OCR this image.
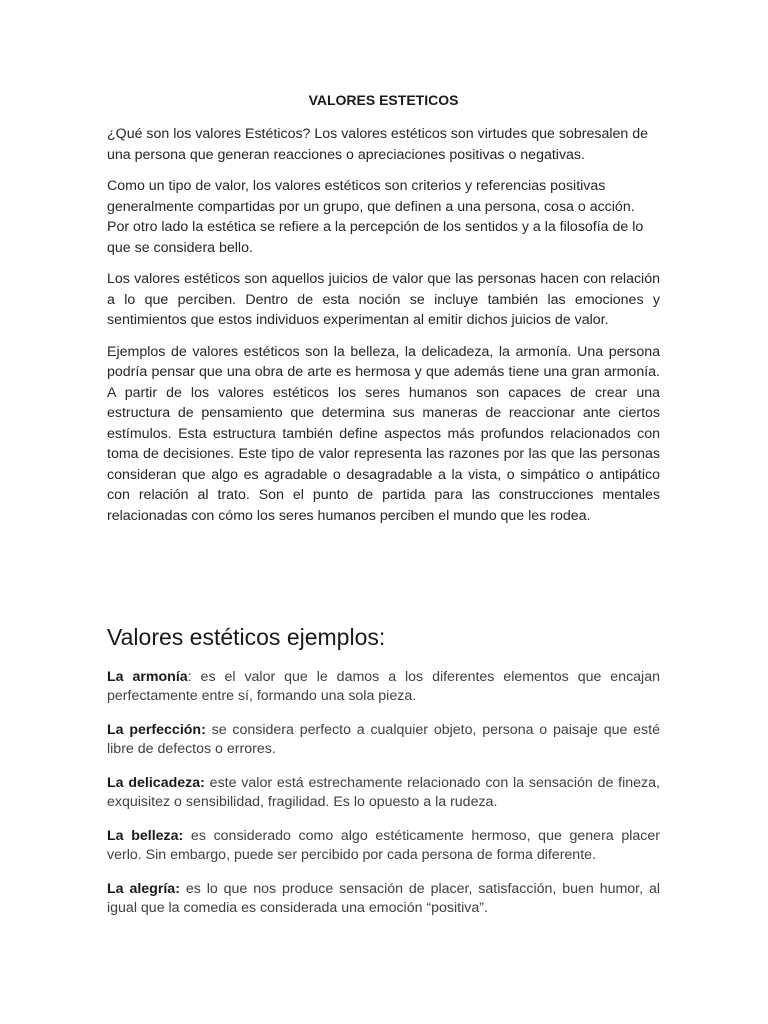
VALORES ESTETICOS

¿Qué son los valores Estéticos? Los valores estéticos son virtudes que sobresalen de una persona que generan reacciones o apreciaciones positivas o negativas.

Como un tipo de valor, los valores estéticos son criterios y referencias positivas generalmente compartidas por un grupo, que definen a una persona, cosa o acción. Por otro lado la estética se refiere a la percepción de los sentidos y a la filosofía de lo que se considera bello.

Los valores estéticos son aquellos juicios de valor que las personas hacen con relación a lo que perciben. Dentro de esta noción se incluye también las emociones y sentimientos que estos individuos experimentan al emitir dichos juicios de valor.

Ejemplos de valores estéticos son la belleza, la delicadeza, la armonía. Una persona podría pensar que una obra de arte es hermosa y que además tiene una gran armonía. A partir de los valores estéticos los seres humanos son capaces de crear una estructura de pensamiento que determina sus maneras de reaccionar ante ciertos estímulos. Esta estructura también define aspectos más profundos relacionados con toma de decisiones. Este tipo de valor representa las razones por las que las personas consideran que algo es agradable o desagradable a la vista, o simpático o antipático con relación al trato. Son el punto de partida para las construcciones mentales relacionadas con cómo los seres humanos perciben el mundo que les rodea.

Valores estéticos ejemplos:

La armonía: es el valor que le damos a los diferentes elementos que encajan perfectamente entre sí, formando una sola pieza.

La perfección: se considera perfecto a cualquier objeto, persona o paisaje que esté libre de defectos o errores.

La delicadeza: este valor está estrechamente relacionado con la sensación de fineza, exquisitez o sensibilidad, fragilidad. Es lo opuesto a la rudeza.

La belleza: es considerado como algo estéticamente hermoso, que genera placer verlo. Sin embargo, puede ser percibido por cada persona de forma diferente.

La alegría: es lo que nos produce sensación de placer, satisfacción, buen humor, al igual que la comedia es considerada una emoción “positiva”.
